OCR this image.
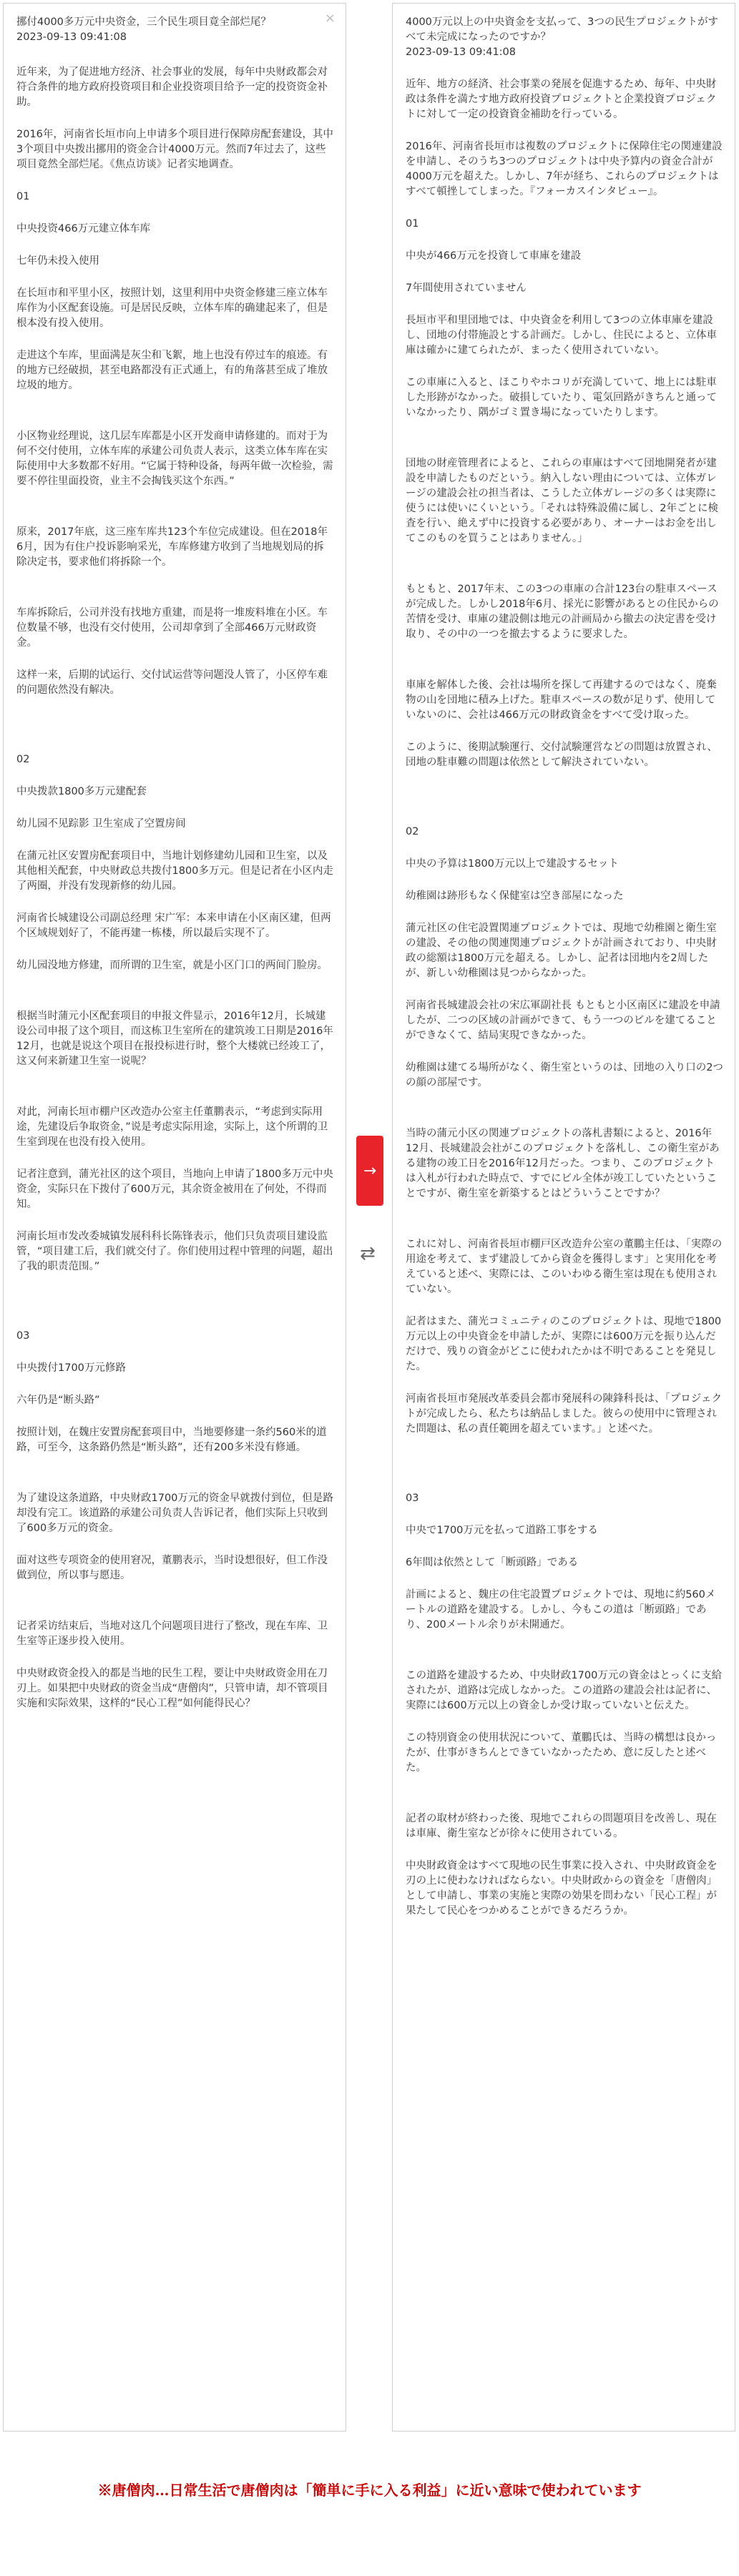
×

挪付4000多万元中央资金，三个民生项目竟全部烂尾？
2023-09-13 09:41:08

近年来，为了促进地方经济、社会事业的发展，每年中央财政都会对符合条件的地方政府投资项目和企业投资项目给予一定的投资资金补助。

2016年，河南省长垣市向上申请多个项目进行保障房配套建设，其中3个项目中央拨出挪用的资金合计4000万元。然而7年过去了，这些项目竟然全部烂尾。《焦点访谈》记者实地调查。

01

中央投资466万元建立体车库

七年仍未投入使用

在长垣市和平里小区，按照计划，这里利用中央资金修建三座立体车库作为小区配套设施。可是居民反映，立体车库的确建起来了，但是根本没有投入使用。

走进这个车库，里面满是灰尘和飞絮，地上也没有停过车的痕迹。有的地方已经破损，甚至电路都没有正式通上，有的角落甚至成了堆放垃圾的地方。

小区物业经理说，这几层车库都是小区开发商申请修建的。而对于为何不交付使用，立体车库的承建公司负责人表示，这类立体车库在实际使用中大多数都不好用。“它属于特种设备，每两年做一次检验，需要不停往里面投资，业主不会掏钱买这个东西。”

原来，2017年底，这三座车库共123个车位完成建设。但在2018年6月，因为有住户投诉影响采光，车库修建方收到了当地规划局的拆除决定书，要求他们将拆除一个。

车库拆除后，公司并没有找地方重建，而是将一堆废料堆在小区。车位数量不够，也没有交付使用，公司却拿到了全部466万元财政资金。

这样一来，后期的试运行、交付试运营等问题没人管了，小区停车难的问题依然没有解决。

02

中央拨款1800多万元建配套

幼儿园不见踪影 卫生室成了空置房间

在蒲元社区安置房配套项目中，当地计划修建幼儿园和卫生室，以及其他相关配套，中央财政总共拨付1800多万元。但是记者在小区内走了两圈，并没有发现新修的幼儿园。

河南省长城建设公司副总经理 宋广军：本来申请在小区南区建，但两个区域规划好了，不能再建一栋楼，所以最后实现不了。

幼儿园没地方修建，而所谓的卫生室，就是小区门口的两间门脸房。

根据当时蒲元小区配套项目的申报文件显示，2016年12月，长城建设公司申报了这个项目，而这栋卫生室所在的建筑竣工日期是2016年12月，也就是说这个项目在报投标进行时，整个大楼就已经竣工了，这又何来新建卫生室一说呢？

对此，河南长垣市棚户区改造办公室主任董鹏表示，“考虑到实际用途，先建设后争取资金，”说是考虑实际用途，实际上，这个所谓的卫生室到现在也没有投入使用。

记者注意到，蒲光社区的这个项目，当地向上申请了1800多万元中央资金，实际只在下拨付了600万元，其余资金被用在了何处，不得而知。

河南长垣市发改委城镇发展科科长陈锋表示，他们只负责项目建设监管，“项目建工后，我们就交付了。你们使用过程中管理的问题，超出了我的职责范围。”

03

中央拨付1700万元修路

六年仍是“断头路”

按照计划，在魏庄安置房配套项目中，当地要修建一条约560米的道路，可至今，这条路仍然是“断头路”，还有200多米没有修通。

为了建设这条道路，中央财政1700万元的资金早就拨付到位，但是路却没有完工。该道路的承建公司负责人告诉记者，他们实际上只收到了600多万元的资金。

面对这些专项资金的使用窘况，董鹏表示，当时设想很好，但工作没做到位，所以事与愿违。

记者采访结束后，当地对这几个问题项目进行了整改，现在车库、卫生室等正逐步投入使用。

中央财政资金投入的都是当地的民生工程，要让中央财政资金用在刀刃上。如果把中央财政的资金当成“唐僧肉”，只管申请，却不管项目实施和实际效果，这样的“民心工程”如何能得民心？

→
⇄

4000万元以上の中央資金を支払って、3つの民生プロジェクトがすべて未完成になったのですか？
2023-09-13 09:41:08

近年、地方の経済、社会事業の発展を促進するため、毎年、中央財政は条件を満たす地方政府投資プロジェクトと企業投資プロジェクトに対して一定の投資資金補助を行っている。

2016年、河南省長垣市は複数のプロジェクトに保障住宅の関連建設を申請し、そのうち3つのプロジェクトは中央予算内の資金合計が4000万元を超えた。しかし、7年が経ち、これらのプロジェクトはすべて頓挫してしまった。『フォーカスインタビュー』。

01

中央が466万元を投資して車庫を建設

7年間使用されていません

長垣市平和里団地では、中央資金を利用して3つの立体車庫を建設し、団地の付帯施設とする計画だ。しかし、住民によると、立体車庫は確かに建てられたが、まったく使用されていない。

この車庫に入ると、ほこりやホコリが充満していて、地上には駐車した形跡がなかった。破損していたり、電気回路がきちんと通っていなかったり、隅がゴミ置き場になっていたりします。

団地の財産管理者によると、これらの車庫はすべて団地開発者が建設を申請したものだという。納入しない理由については、立体ガレージの建設会社の担当者は、こうした立体ガレージの多くは実際に使うには使いにくいという。「それは特殊設備に属し、2年ごとに検査を行い、絶えず中に投資する必要があり、オーナーはお金を出してこのものを買うことはありません。」

もともと、2017年末、この3つの車庫の合計123台の駐車スペースが完成した。しかし2018年6月、採光に影響があるとの住民からの苦情を受け、車庫の建設側は地元の計画局から撤去の決定書を受け取り、その中の一つを撤去するように要求した。

車庫を解体した後、会社は場所を探して再建するのではなく、廃棄物の山を団地に積み上げた。駐車スペースの数が足りず、使用していないのに、会社は466万元の財政資金をすべて受け取った。

このように、後期試験運行、交付試験運営などの問題は放置され、団地の駐車難の問題は依然として解決されていない。

02

中央の予算は1800万元以上で建設するセット

幼稚園は跡形もなく保健室は空き部屋になった

蒲元社区の住宅設置関連プロジェクトでは、現地で幼稚園と衛生室の建設、その他の関連関連プロジェクトが計画されており、中央財政の総額は1800万元を超える。しかし、記者は団地内を2周したが、新しい幼稚園は見つからなかった。

河南省長城建設会社の宋広軍副社長 もともと小区南区に建設を申請したが、二つの区域の計画ができて、もう一つのビルを建てることができなくて、結局実現できなかった。

幼稚園は建てる場所がなく、衛生室というのは、団地の入り口の2つの顔の部屋です。

当時の蒲元小区の関連プロジェクトの落札書類によると、2016年12月、長城建設会社がこのプロジェクトを落札し、この衛生室がある建物の竣工日を2016年12月だった。つまり、このプロジェクトは入札が行われた時点で、すでにビル全体が竣工していたということですが、衛生室を新築するとはどういうことですか？

これに対し、河南省長垣市棚戸区改造弁公室の董鵬主任は、「実際の用途を考えて、まず建設してから資金を獲得します」と実用化を考えていると述べ、実際には、このいわゆる衛生室は現在も使用されていない。

記者はまた、蒲光コミュニティのこのプロジェクトは、現地で1800万元以上の中央資金を申請したが、実際には600万元を振り込んだだけで、残りの資金がどこに使われたかは不明であることを発見した。

河南省長垣市発展改革委員会都市発展科の陳鋒科長は、「プロジェクトが完成したら、私たちは納品しました。彼らの使用中に管理された問題は、私の責任範囲を超えています。」と述べた。

03

中央で1700万元を払って道路工事をする

6年間は依然として「断頭路」である

計画によると、魏庄の住宅設置プロジェクトでは、現地に約560メートルの道路を建設する。しかし、今もこの道は「断頭路」であり、200メートル余りが未開通だ。

この道路を建設するため、中央財政1700万元の資金はとっくに支給されたが、道路は完成しなかった。この道路の建設会社は記者に、実際には600万元以上の資金しか受け取っていないと伝えた。

この特別資金の使用状況について、董鵬氏は、当時の構想は良かったが、仕事がきちんとできていなかったため、意に反したと述べた。

記者の取材が終わった後、現地でこれらの問題項目を改善し、現在は車庫、衛生室などが徐々に使用されている。

中央財政資金はすべて現地の民生事業に投入され、中央財政資金を刃の上に使わなければならない。中央財政からの資金を「唐僧肉」として申請し、事業の実施と実際の効果を問わない「民心工程」が果たして民心をつかめることができるだろうか。

※唐僧肉…日常生活で唐僧肉は「簡単に手に入る利益」に近い意味で使われています
